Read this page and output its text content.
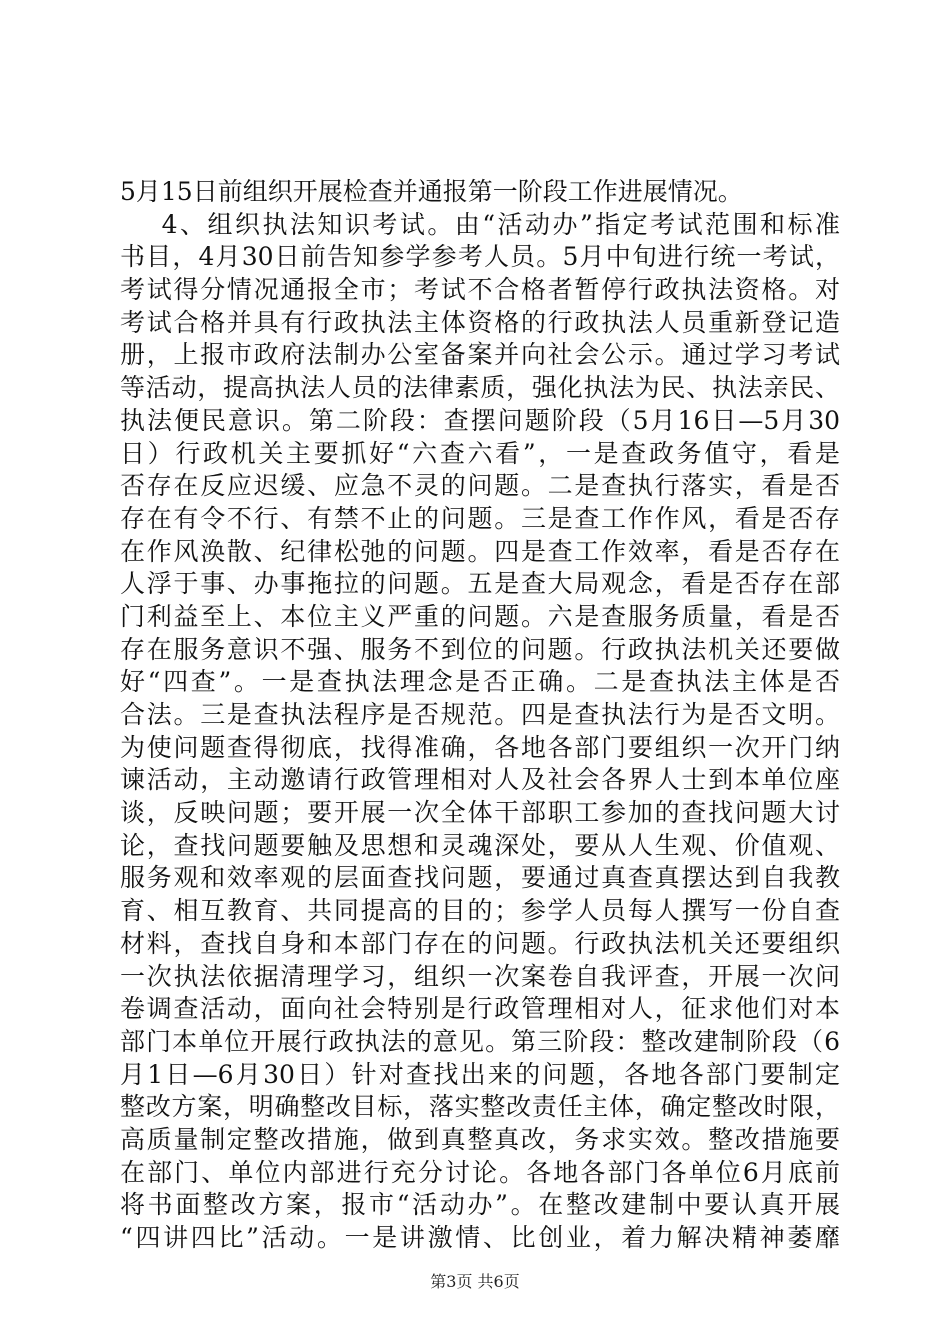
5月15日前组织开展检查并通报第一阶段工作进展情况。
4、组织执法知识考试。由“活动办”指定考试范围和标准
书目，4月30日前告知参学参考人员。5月中旬进行统一考试，
考试得分情况通报全市；考试不合格者暂停行政执法资格。对
考试合格并具有行政执法主体资格的行政执法人员重新登记造
册，上报市政府法制办公室备案并向社会公示。通过学习考试
等活动，提高执法人员的法律素质，强化执法为民、执法亲民、
执法便民意识。第二阶段：查摆问题阶段（5月16日—5月30
日）行政机关主要抓好“六查六看”，一是查政务值守，看是
否存在反应迟缓、应急不灵的问题。二是查执行落实，看是否
存在有令不行、有禁不止的问题。三是查工作作风，看是否存
在作风涣散、纪律松弛的问题。四是查工作效率，看是否存在
人浮于事、办事拖拉的问题。五是查大局观念，看是否存在部
门利益至上、本位主义严重的问题。六是查服务质量，看是否
存在服务意识不强、服务不到位的问题。行政执法机关还要做
好“四查”。一是查执法理念是否正确。二是查执法主体是否
合法。三是查执法程序是否规范。四是查执法行为是否文明。
为使问题查得彻底，找得准确，各地各部门要组织一次开门纳
谏活动，主动邀请行政管理相对人及社会各界人士到本单位座
谈，反映问题；要开展一次全体干部职工参加的查找问题大讨
论，查找问题要触及思想和灵魂深处，要从人生观、价值观、
服务观和效率观的层面查找问题，要通过真查真摆达到自我教
育、相互教育、共同提高的目的；参学人员每人撰写一份自查
材料，查找自身和本部门存在的问题。行政执法机关还要组织
一次执法依据清理学习，组织一次案卷自我评查，开展一次问
卷调查活动，面向社会特别是行政管理相对人，征求他们对本
部门本单位开展行政执法的意见。第三阶段：整改建制阶段（6
月1日—6月30日）针对查找出来的问题，各地各部门要制定
整改方案，明确整改目标，落实整改责任主体，确定整改时限，
高质量制定整改措施，做到真整真改，务求实效。整改措施要
在部门、单位内部进行充分讨论。各地各部门各单位6月底前
将书面整改方案，报市“活动办”。在整改建制中要认真开展
“四讲四比”活动。一是讲激情、比创业，着力解决精神萎靡
第3页 共6页
